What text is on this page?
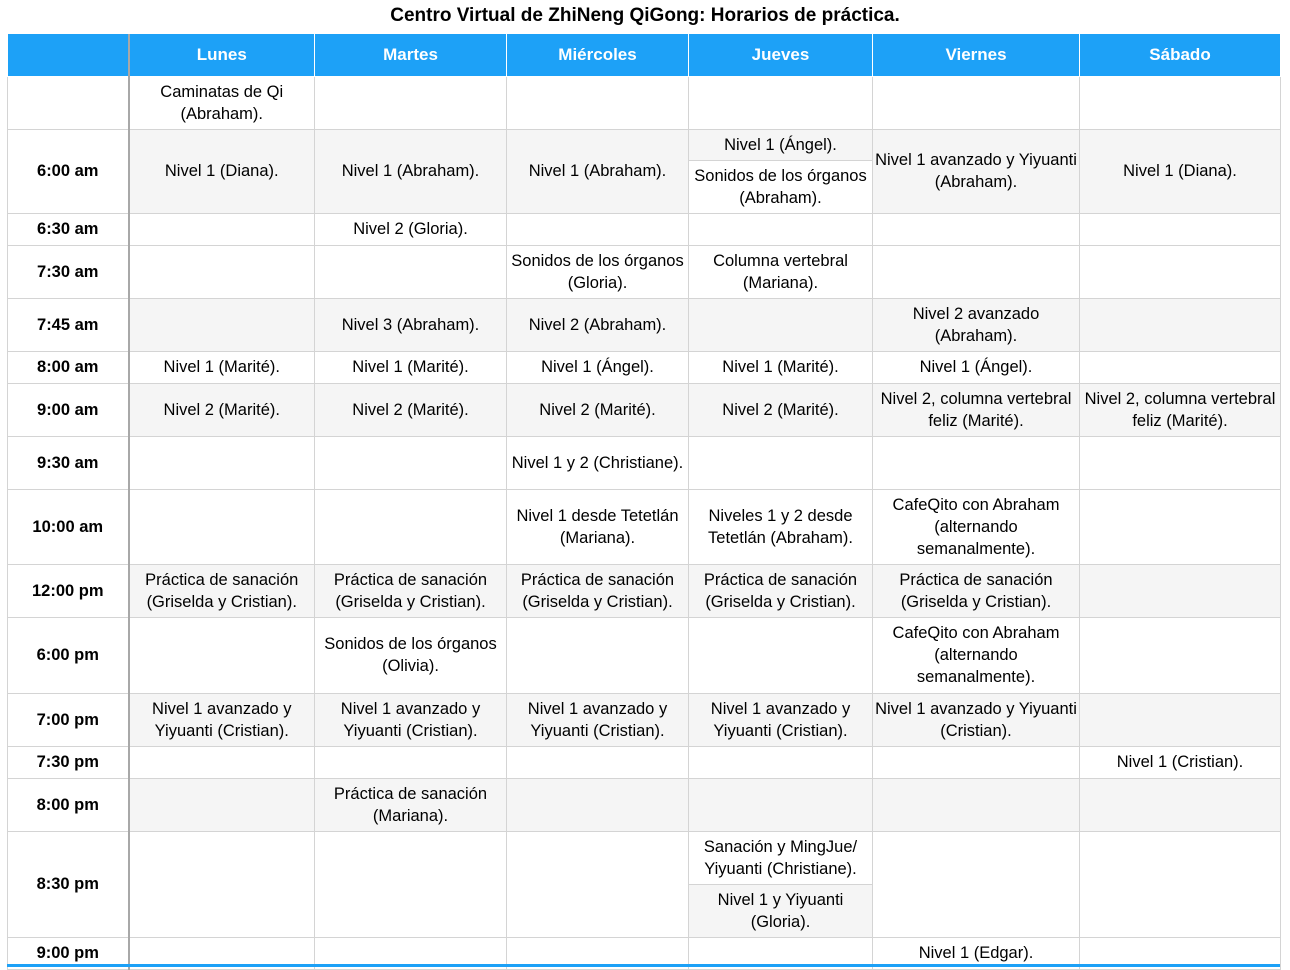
Centro Virtual de ZhiNeng QiGong: Horarios de práctica.
	Lunes	Martes	Miércoles	Jueves	Viernes	Sábado
	Caminatas de Qi (Abraham).					
6:00 am	Nivel 1 (Diana).	Nivel 1 (Abraham).	Nivel 1 (Abraham).	Nivel 1 (Ángel).	Nivel 1 avanzado y Yiyuanti (Abraham).	Nivel 1 (Diana).
				Sonidos de los órganos (Abraham).		
6:30 am		Nivel 2 (Gloria).				
7:30 am			Sonidos de los órganos (Gloria).	Columna vertebral (Mariana).		
7:45 am		Nivel 3 (Abraham).	Nivel 2 (Abraham).		Nivel 2 avanzado (Abraham).	
8:00 am	Nivel 1 (Marité).	Nivel 1 (Marité).	Nivel 1 (Ángel).	Nivel 1 (Marité).	Nivel 1 (Ángel).	
9:00 am	Nivel 2 (Marité).	Nivel 2 (Marité).	Nivel 2 (Marité).	Nivel 2 (Marité).	Nivel 2, columna vertebral feliz (Marité).	Nivel 2, columna vertebral feliz (Marité).
9:30 am			Nivel 1 y 2 (Christiane).			
10:00 am			Nivel 1 desde Tetetlán (Mariana).	Niveles 1 y 2 desde Tetetlán (Abraham).	CafeQito con Abraham (alternando semanalmente).	
12:00 pm	Práctica de sanación (Griselda y Cristian).	Práctica de sanación (Griselda y Cristian).	Práctica de sanación (Griselda y Cristian).	Práctica de sanación (Griselda y Cristian).	Práctica de sanación (Griselda y Cristian).	
6:00 pm		Sonidos de los órganos (Olivia).			CafeQito con Abraham (alternando semanalmente).	
7:00 pm	Nivel 1 avanzado y Yiyuanti (Cristian).	Nivel 1 avanzado y Yiyuanti (Cristian).	Nivel 1 avanzado y Yiyuanti (Cristian).	Nivel 1 avanzado y Yiyuanti (Cristian).	Nivel 1 avanzado y Yiyuanti (Cristian).	
7:30 pm						Nivel 1 (Cristian).
8:00 pm		Práctica de sanación (Mariana).				
8:30 pm				Sanación y MingJue/ Yiyuanti (Christiane).		
				Nivel 1 y Yiyuanti (Gloria).		
9:00 pm					Nivel 1 (Edgar).	
